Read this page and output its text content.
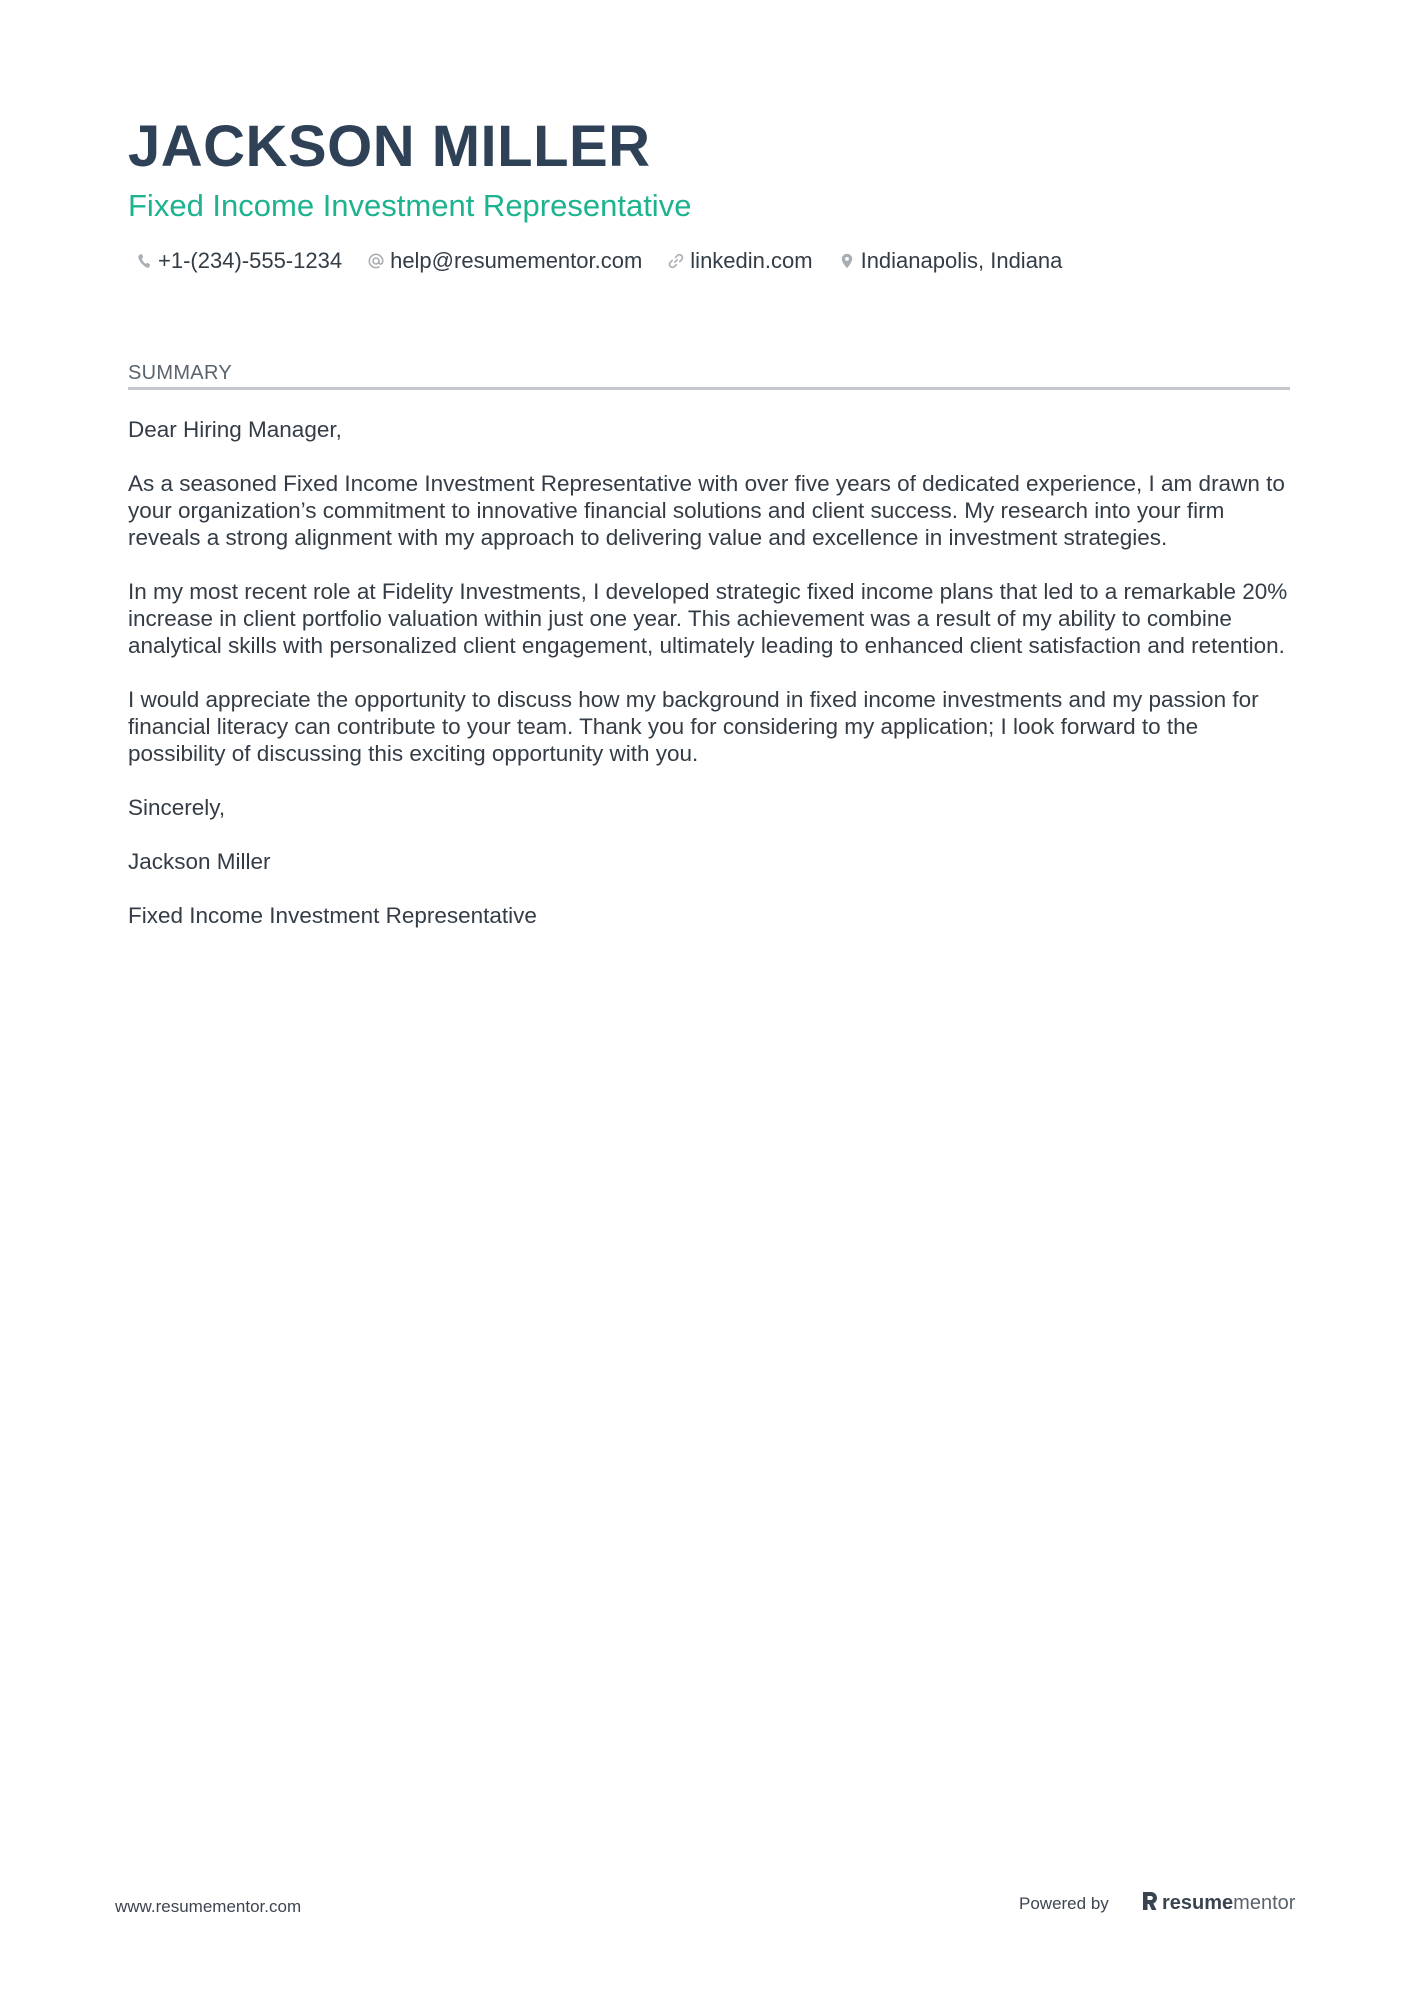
JACKSON MILLER
Fixed Income Investment Representative
+1-(234)-555-1234 help@resumementor.com linkedin.com Indianapolis, Indiana
SUMMARY

Dear Hiring Manager,

As a seasoned Fixed Income Investment Representative with over five years of dedicated experience, I am drawn to your organization’s commitment to innovative financial solutions and client success. My research into your firm reveals a strong alignment with my approach to delivering value and excellence in investment strategies.

In my most recent role at Fidelity Investments, I developed strategic fixed income plans that led to a remarkable 20% increase in client portfolio valuation within just one year. This achievement was a result of my ability to combine analytical skills with personalized client engagement, ultimately leading to enhanced client satisfaction and retention.

I would appreciate the opportunity to discuss how my background in fixed income investments and my passion for financial literacy can contribute to your team. Thank you for considering my application; I look forward to the possibility of discussing this exciting opportunity with you.

Sincerely,

Jackson Miller

Fixed Income Investment Representative

www.resumementor.com	Powered by	resumementor
